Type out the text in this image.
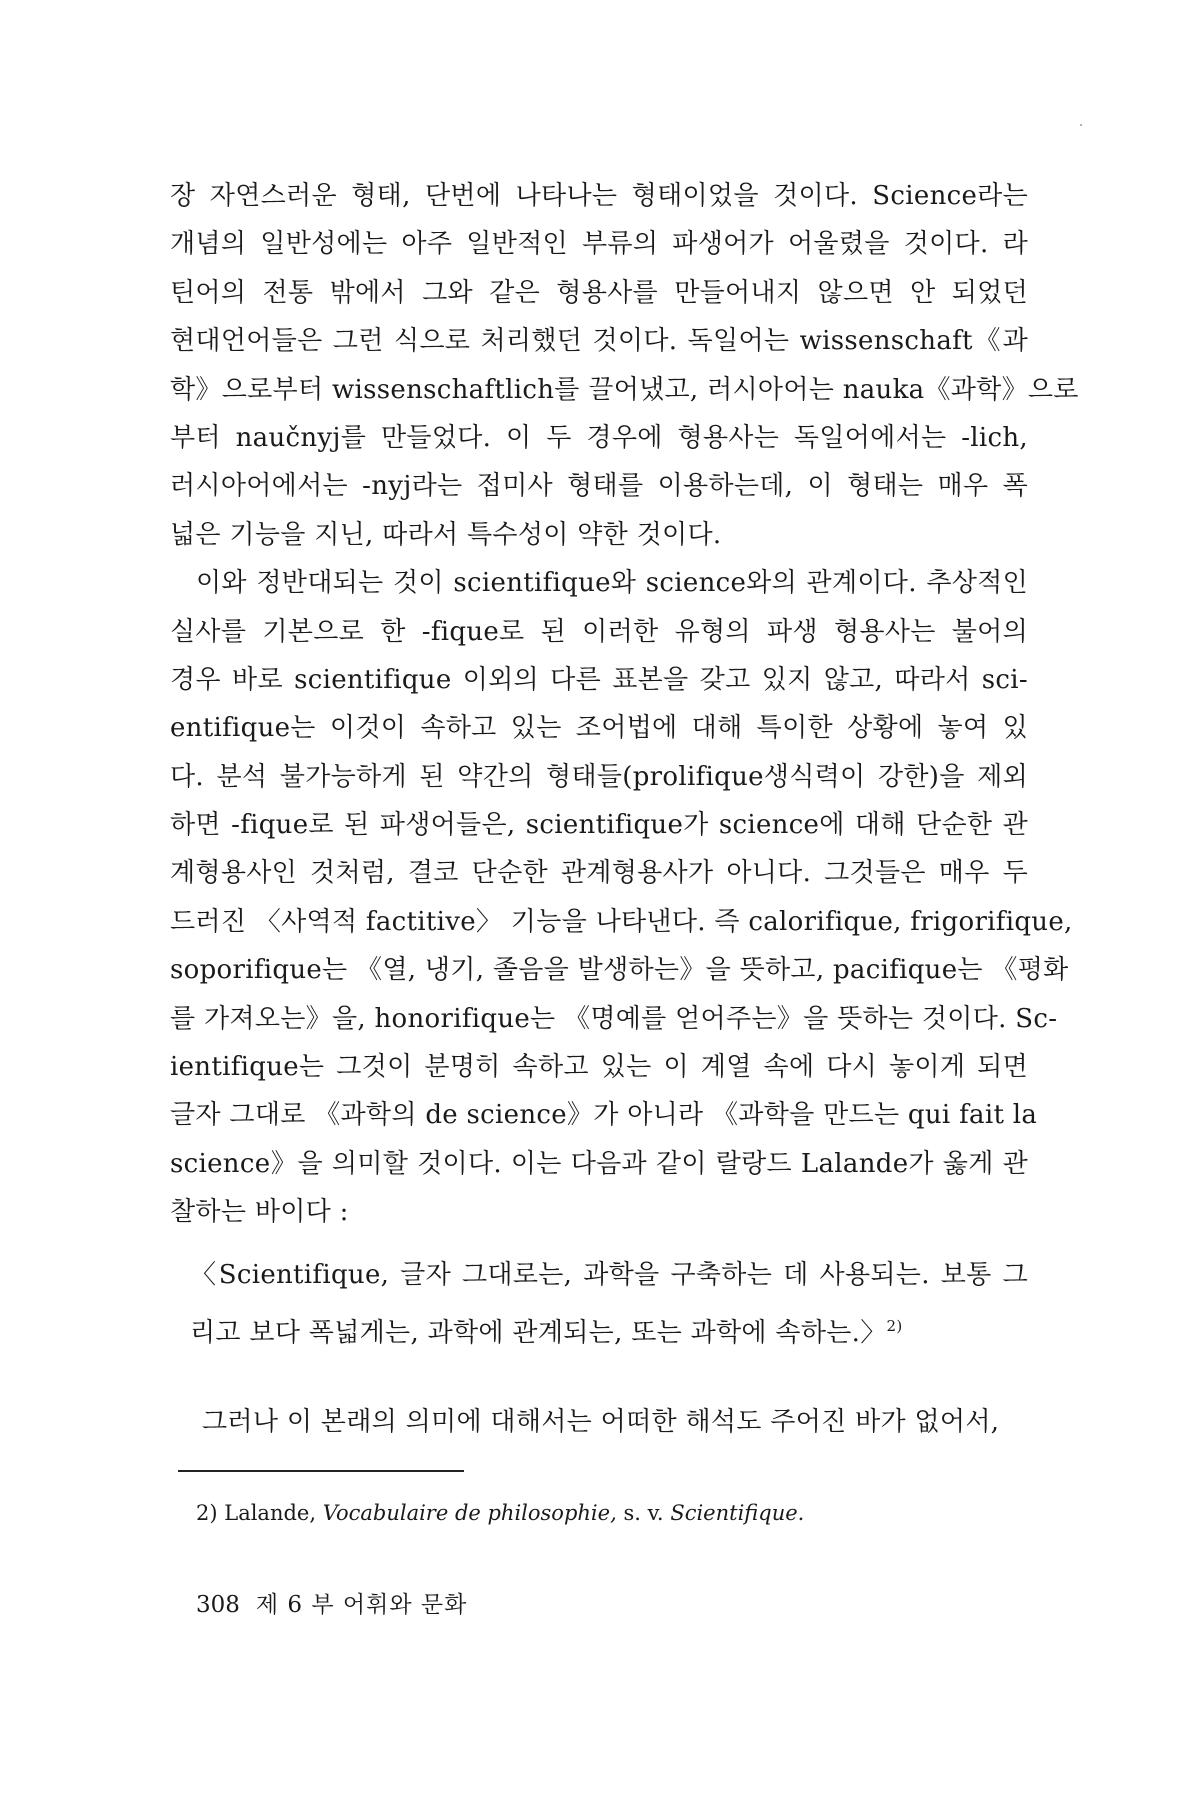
장 자연스러운 형태, 단번에 나타나는 형태이었을 것이다. Science라는
개념의 일반성에는 아주 일반적인 부류의 파생어가 어울렸을 것이다. 라
틴어의 전통 밖에서 그와 같은 형용사를 만들어내지 않으면 안 되었던
현대언어들은 그런 식으로 처리했던 것이다. 독일어는 wissenschaft《과
학》으로부터 wissenschaftlich를 끌어냈고, 러시아어는 nauka《과학》으로
부터 naučnyj를 만들었다. 이 두 경우에 형용사는 독일어에서는 -lich,
러시아어에서는 -nyj라는 접미사 형태를 이용하는데, 이 형태는 매우 폭
넓은 기능을 지닌, 따라서 특수성이 약한 것이다.
이와 정반대되는 것이 scientifique와 science와의 관계이다. 추상적인
실사를 기본으로 한 -fique로 된 이러한 유형의 파생 형용사는 불어의
경우 바로 scientifique 이외의 다른 표본을 갖고 있지 않고, 따라서 sci-
entifique는 이것이 속하고 있는 조어법에 대해 특이한 상황에 놓여 있
다. 분석 불가능하게 된 약간의 형태들(prolifique생식력이 강한)을 제외
하면 -fique로 된 파생어들은, scientifique가 science에 대해 단순한 관
계형용사인 것처럼, 결코 단순한 관계형용사가 아니다. 그것들은 매우 두
드러진 〈사역적 factitive〉 기능을 나타낸다. 즉 calorifique, frigorifique,
soporifique는 《열, 냉기, 졸음을 발생하는》을 뜻하고, pacifique는 《평화
를 가져오는》을, honorifique는 《명예를 얻어주는》을 뜻하는 것이다. Sc-
ientifique는 그것이 분명히 속하고 있는 이 계열 속에 다시 놓이게 되면
글자 그대로 《과학의 de science》가 아니라 《과학을 만드는 qui fait la
science》을 의미할 것이다. 이는 다음과 같이 랄랑드 Lalande가 옳게 관
찰하는 바이다 :
〈Scientifique, 글자 그대로는, 과학을 구축하는 데 사용되는. 보통 그
리고 보다 폭넓게는, 과학에 관계되는, 또는 과학에 속하는.〉$^{2)}$
그러나 이 본래의 의미에 대해서는 어떠한 해석도 주어진 바가 없어서,
2) Lalande, Vocabulaire de philosophie, s. v. Scientifique.
308 제 6 부 어휘와 문화
